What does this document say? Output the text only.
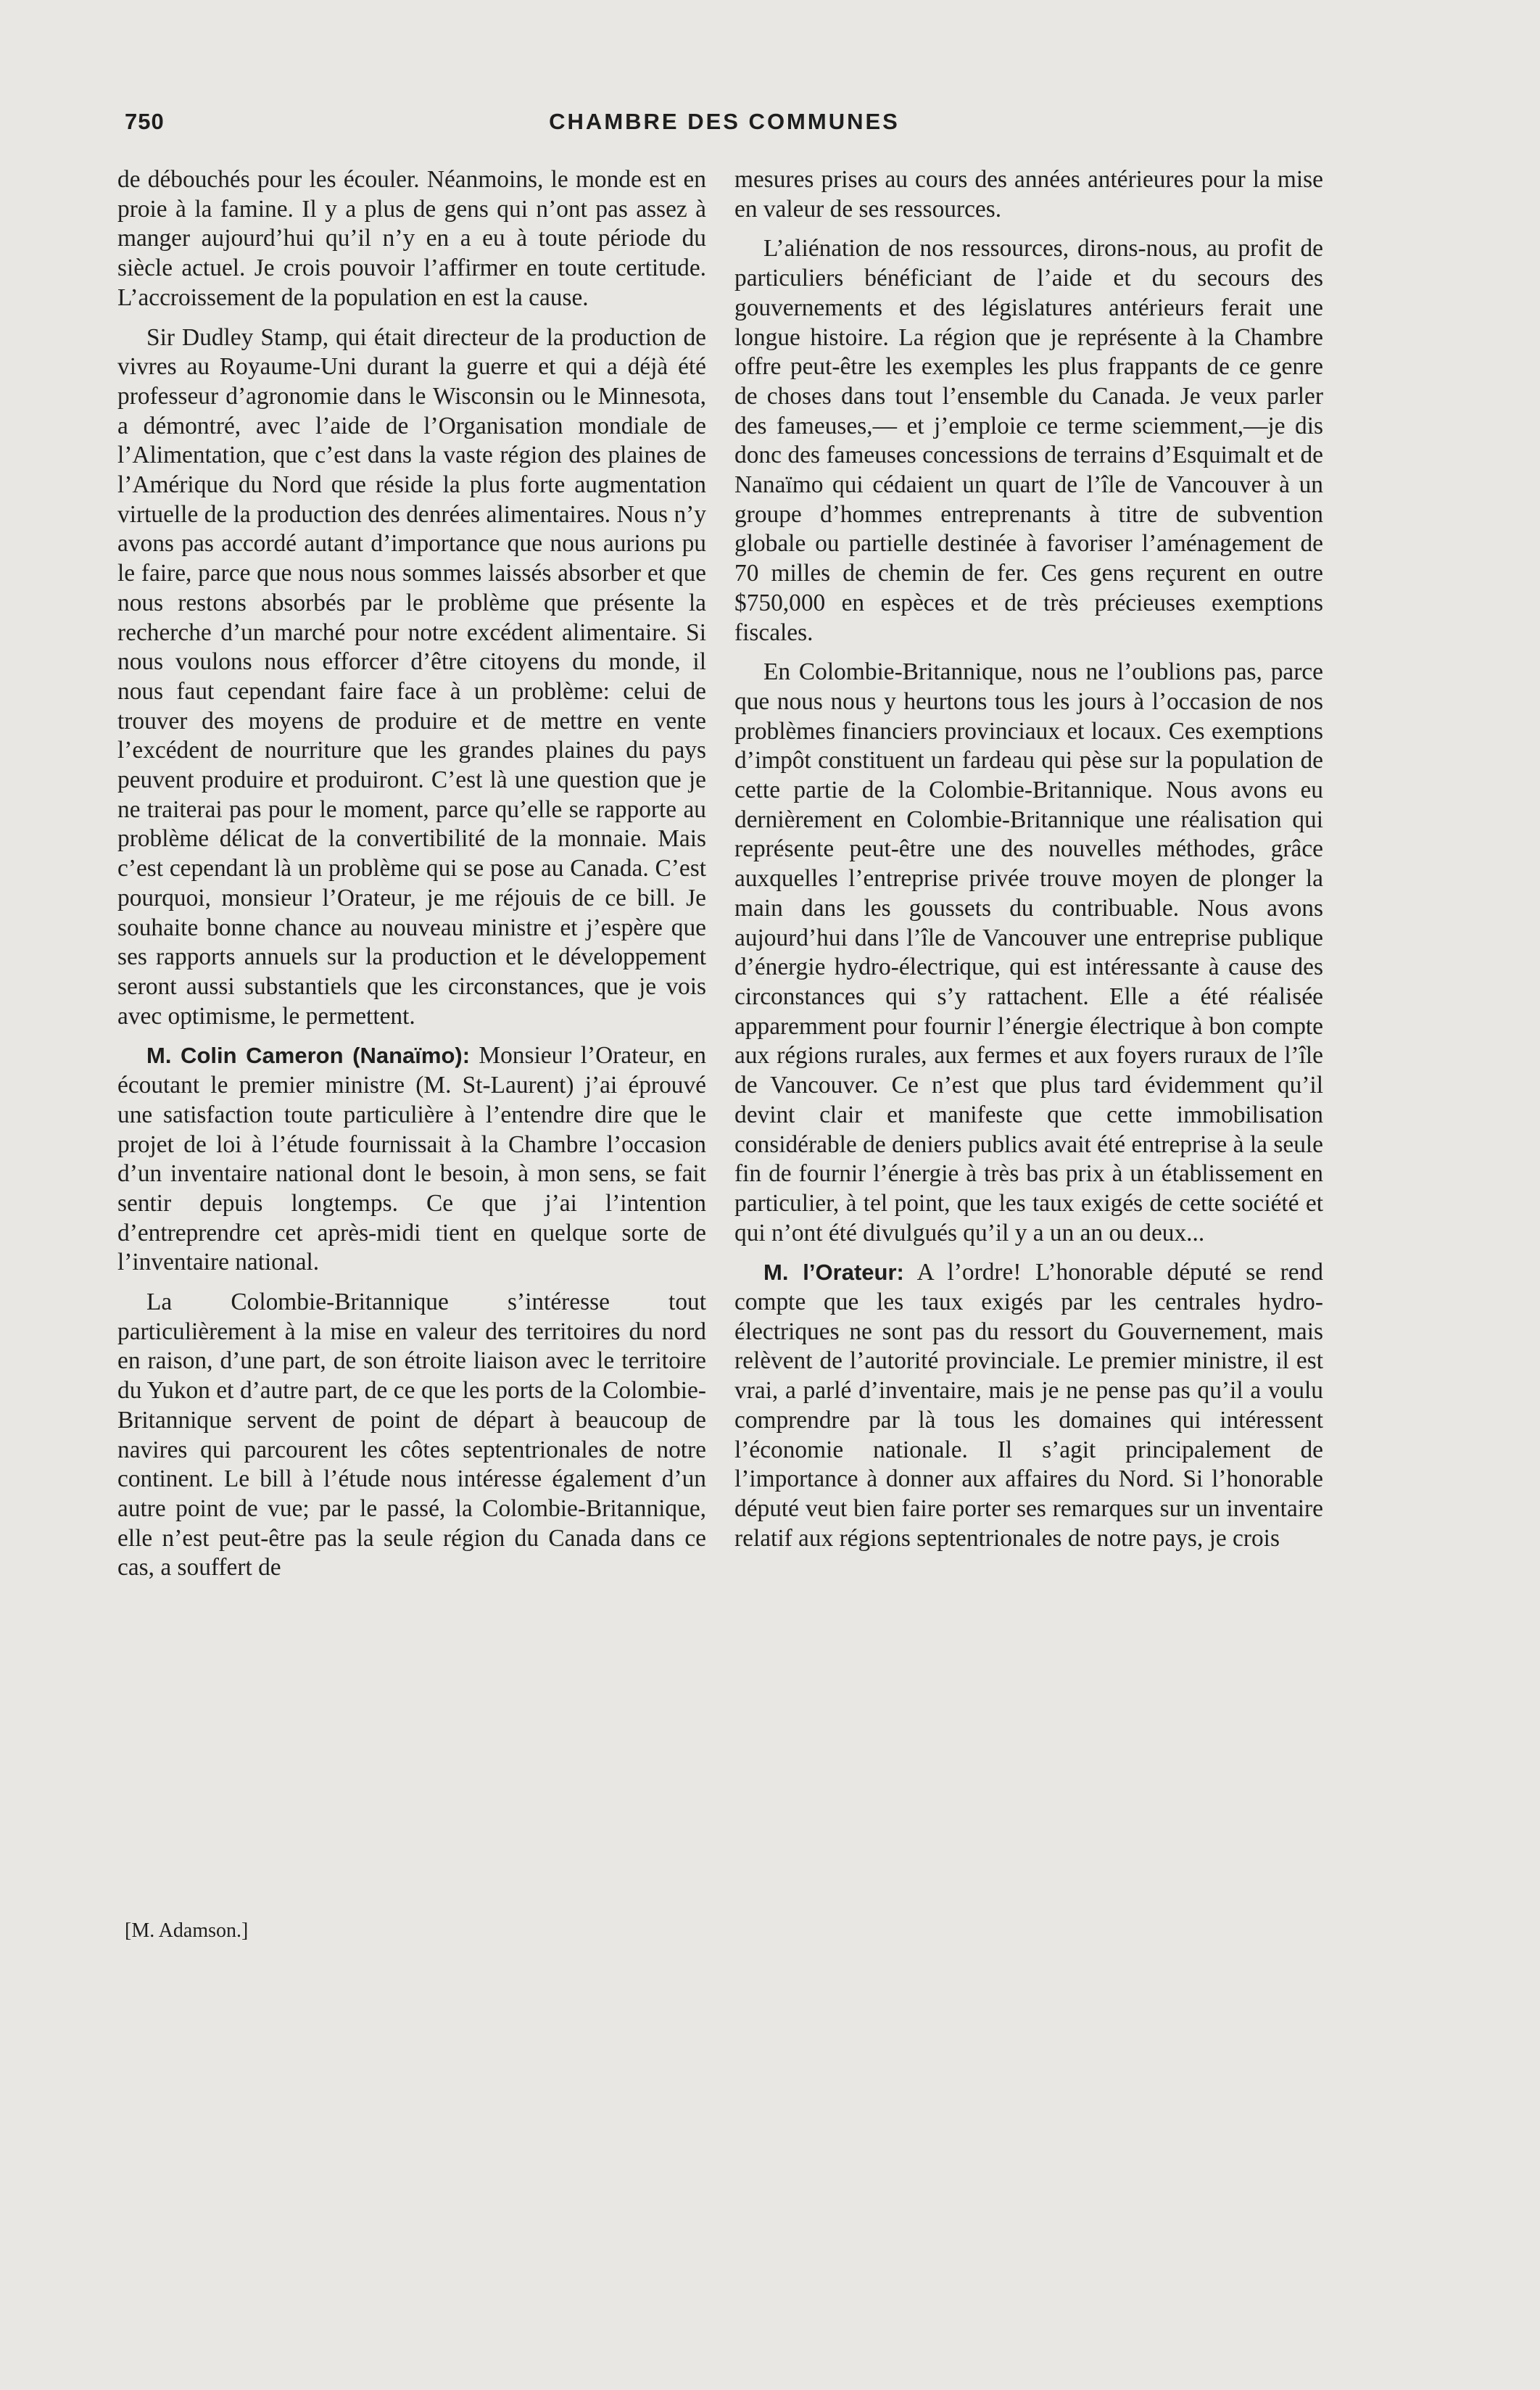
750	CHAMBRE DES COMMUNES

de débouchés pour les écouler. Néanmoins, le monde est en proie à la famine. Il y a plus de gens qui n’ont pas assez à manger aujourd’hui qu’il n’y en a eu à toute période du siècle actuel. Je crois pouvoir l’affirmer en toute certitude. L’accroissement de la population en est la cause.

Sir Dudley Stamp, qui était directeur de la production de vivres au Royaume-Uni durant la guerre et qui a déjà été professeur d’agronomie dans le Wisconsin ou le Minnesota, a démontré, avec l’aide de l’Organisation mondiale de l’Alimentation, que c’est dans la vaste région des plaines de l’Amérique du Nord que réside la plus forte augmentation virtuelle de la production des denrées alimentaires. Nous n’y avons pas accordé autant d’importance que nous aurions pu le faire, parce que nous nous sommes laissés absorber et que nous restons absorbés par le problème que présente la recherche d’un marché pour notre excédent alimentaire. Si nous voulons nous efforcer d’être citoyens du monde, il nous faut cependant faire face à un problème: celui de trouver des moyens de produire et de mettre en vente l’excédent de nourriture que les grandes plaines du pays peuvent produire et produiront. C’est là une question que je ne traiterai pas pour le moment, parce qu’elle se rapporte au problème délicat de la convertibilité de la monnaie. Mais c’est cependant là un problème qui se pose au Canada. C’est pourquoi, monsieur l’Orateur, je me réjouis de ce bill. Je souhaite bonne chance au nouveau ministre et j’espère que ses rapports annuels sur la production et le développement seront aussi substantiels que les circonstances, que je vois avec optimisme, le permettent.

M. Colin Cameron (Nanaïmo): Monsieur l’Orateur, en écoutant le premier ministre (M. St-Laurent) j’ai éprouvé une satisfaction toute particulière à l’entendre dire que le projet de loi à l’étude fournissait à la Chambre l’occasion d’un inventaire national dont le besoin, à mon sens, se fait sentir depuis longtemps. Ce que j’ai l’intention d’entreprendre cet après-midi tient en quelque sorte de l’inventaire national.

La Colombie-Britannique s’intéresse tout particulièrement à la mise en valeur des territoires du nord en raison, d’une part, de son étroite liaison avec le territoire du Yukon et d’autre part, de ce que les ports de la Colombie-Britannique servent de point de départ à beaucoup de navires qui parcourent les côtes septentrionales de notre continent. Le bill à l’étude nous intéresse également d’un autre point de vue; par le passé, la Colombie-Britannique, elle n’est peut-être pas la seule région du Canada dans ce cas, a souffert de

mesures prises au cours des années antérieures pour la mise en valeur de ses ressources.

L’aliénation de nos ressources, dirons-nous, au profit de particuliers bénéficiant de l’aide et du secours des gouvernements et des législatures antérieurs ferait une longue histoire. La région que je représente à la Chambre offre peut-être les exemples les plus frappants de ce genre de choses dans tout l’ensemble du Canada. Je veux parler des fameuses,— et j’emploie ce terme sciemment,—je dis donc des fameuses concessions de terrains d’Esquimalt et de Nanaïmo qui cédaient un quart de l’île de Vancouver à un groupe d’hommes entreprenants à titre de subvention globale ou partielle destinée à favoriser l’aménagement de 70 milles de chemin de fer. Ces gens reçurent en outre $750,000 en espèces et de très précieuses exemptions fiscales.

En Colombie-Britannique, nous ne l’oublions pas, parce que nous nous y heurtons tous les jours à l’occasion de nos problèmes financiers provinciaux et locaux. Ces exemptions d’impôt constituent un fardeau qui pèse sur la population de cette partie de la Colombie-Britannique. Nous avons eu dernièrement en Colombie-Britannique une réalisation qui représente peut-être une des nouvelles méthodes, grâce auxquelles l’entreprise privée trouve moyen de plonger la main dans les goussets du contribuable. Nous avons aujourd’hui dans l’île de Vancouver une entreprise publique d’énergie hydro-électrique, qui est intéressante à cause des circonstances qui s’y rattachent. Elle a été réalisée apparemment pour fournir l’énergie électrique à bon compte aux régions rurales, aux fermes et aux foyers ruraux de l’île de Vancouver. Ce n’est que plus tard évidemment qu’il devint clair et manifeste que cette immobilisation considérable de deniers publics avait été entreprise à la seule fin de fournir l’énergie à très bas prix à un établissement en particulier, à tel point, que les taux exigés de cette société et qui n’ont été divulgués qu’il y a un an ou deux...

M. l’Orateur: A l’ordre! L’honorable député se rend compte que les taux exigés par les centrales hydro-électriques ne sont pas du ressort du Gouvernement, mais relèvent de l’autorité provinciale. Le premier ministre, il est vrai, a parlé d’inventaire, mais je ne pense pas qu’il a voulu comprendre par là tous les domaines qui intéressent l’économie nationale. Il s’agit principalement de l’importance à donner aux affaires du Nord. Si l’honorable député veut bien faire porter ses remarques sur un inventaire relatif aux régions septentrionales de notre pays, je crois

[M. Adamson.]
